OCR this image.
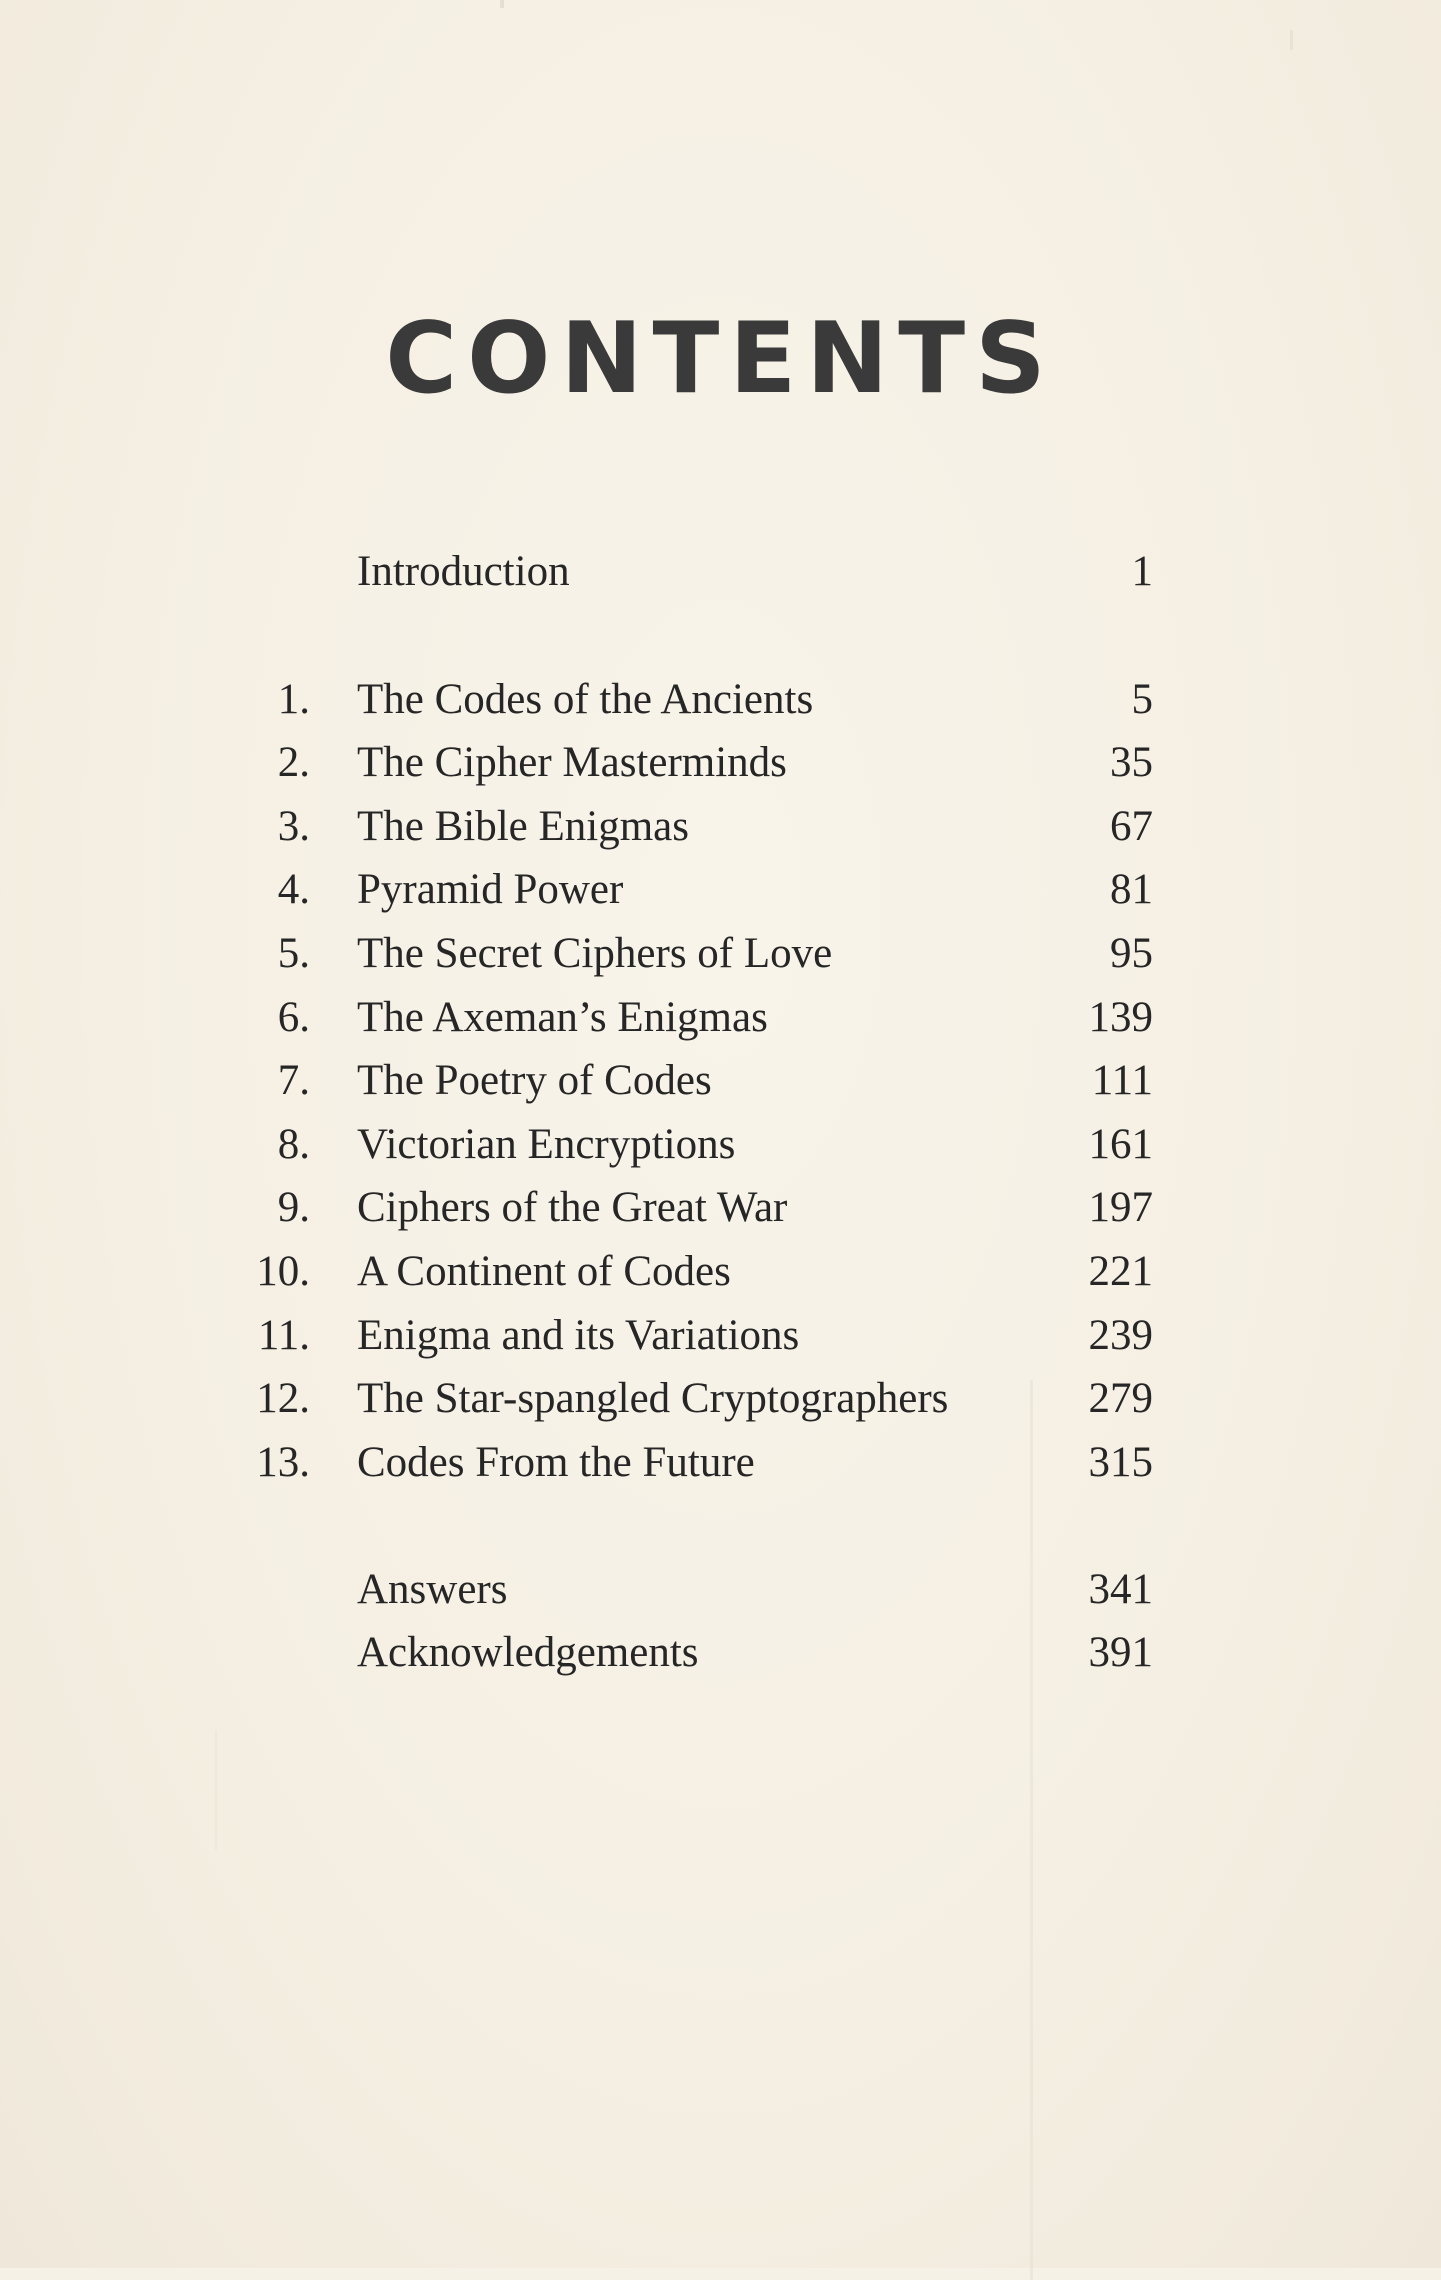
CONTENTS
Introduction	1
1. The Codes of the Ancients	5
2. The Cipher Masterminds	35
3. The Bible Enigmas	67
4. Pyramid Power	81
5. The Secret Ciphers of Love	95
6. The Axeman’s Enigmas	139
7. The Poetry of Codes	111
8. Victorian Encryptions	161
9. Ciphers of the Great War	197
10. A Continent of Codes	221
11. Enigma and its Variations	239
12. The Star-spangled Cryptographers	279
13. Codes From the Future	315
Answers	341
Acknowledgements	391
